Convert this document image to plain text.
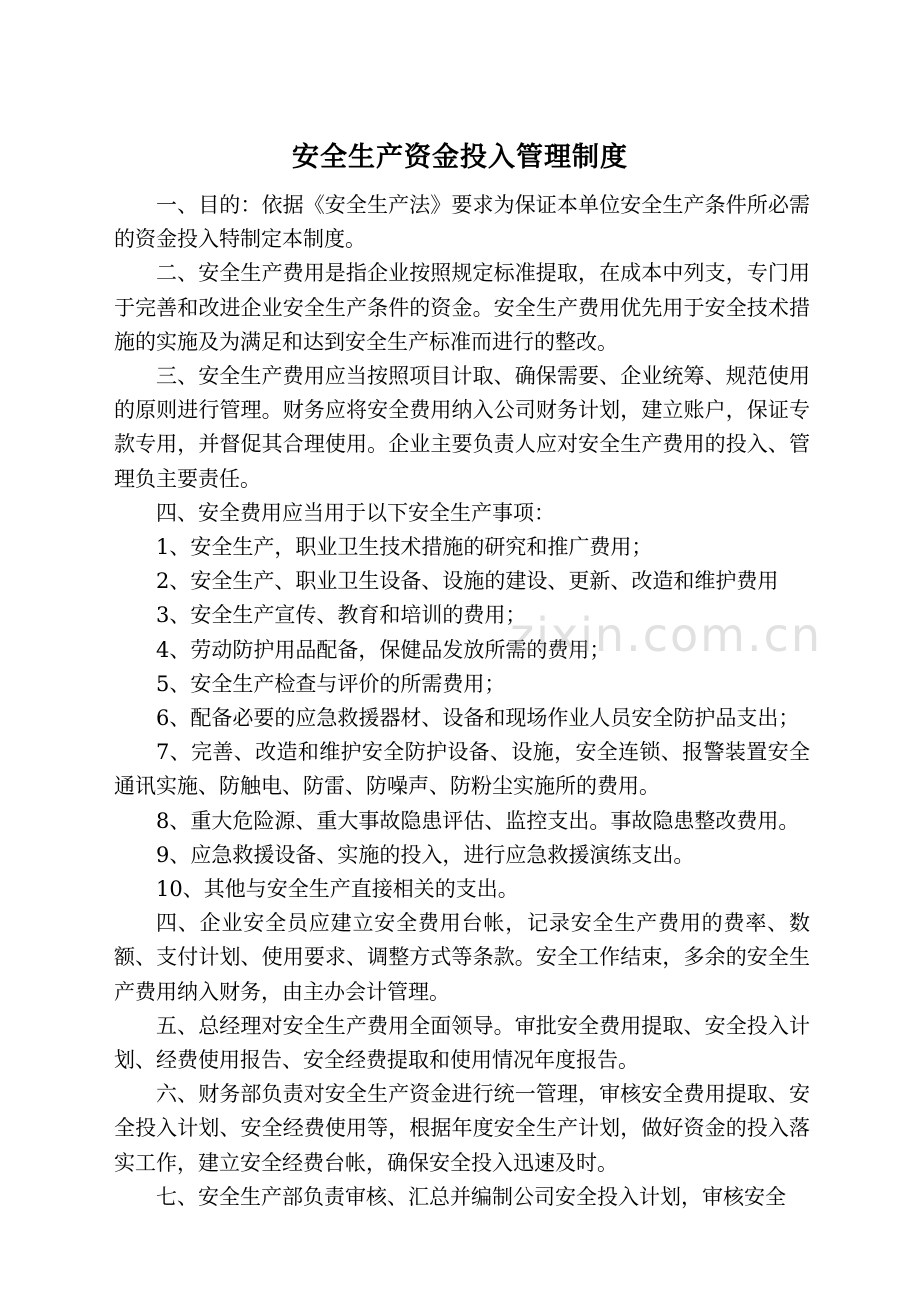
安全生产资金投入管理制度

一、目的：依据《安全生产法》要求为保证本单位安全生产条件所必需的资金投入特制定本制度。

二、安全生产费用是指企业按照规定标准提取，在成本中列支，专门用于完善和改进企业安全生产条件的资金。安全生产费用优先用于安全技术措施的实施及为满足和达到安全生产标准而进行的整改。

三、安全生产费用应当按照项目计取、确保需要、企业统筹、规范使用的原则进行管理。财务应将安全费用纳入公司财务计划，建立账户，保证专款专用，并督促其合理使用。企业主要负责人应对安全生产费用的投入、管理负主要责任。

四、安全费用应当用于以下安全生产事项：

1、安全生产，职业卫生技术措施的研究和推广费用；

2、安全生产、职业卫生设备、设施的建设、更新、改造和维护费用

3、安全生产宣传、教育和培训的费用；

4、劳动防护用品配备，保健品发放所需的费用；

5、安全生产检查与评价的所需费用；

6、配备必要的应急救援器材、设备和现场作业人员安全防护品支出；

7、完善、改造和维护安全防护设备、设施，安全连锁、报警装置安全通讯实施、防触电、防雷、防噪声、防粉尘实施所的费用。

8、重大危险源、重大事故隐患评估、监控支出。事故隐患整改费用。

9、应急救援设备、实施的投入，进行应急救援演练支出。

10、其他与安全生产直接相关的支出。

四、企业安全员应建立安全费用台帐，记录安全生产费用的费率、数额、支付计划、使用要求、调整方式等条款。安全工作结束，多余的安全生产费用纳入财务，由主办会计管理。

五、总经理对安全生产费用全面领导。审批安全费用提取、安全投入计划、经费使用报告、安全经费提取和使用情况年度报告。

六、财务部负责对安全生产资金进行统一管理，审核安全费用提取、安全投入计划、安全经费使用等，根据年度安全生产计划，做好资金的投入落实工作，建立安全经费台帐，确保安全投入迅速及时。

七、安全生产部负责审核、汇总并编制公司安全投入计划，审核安全

zixin.com.cn
